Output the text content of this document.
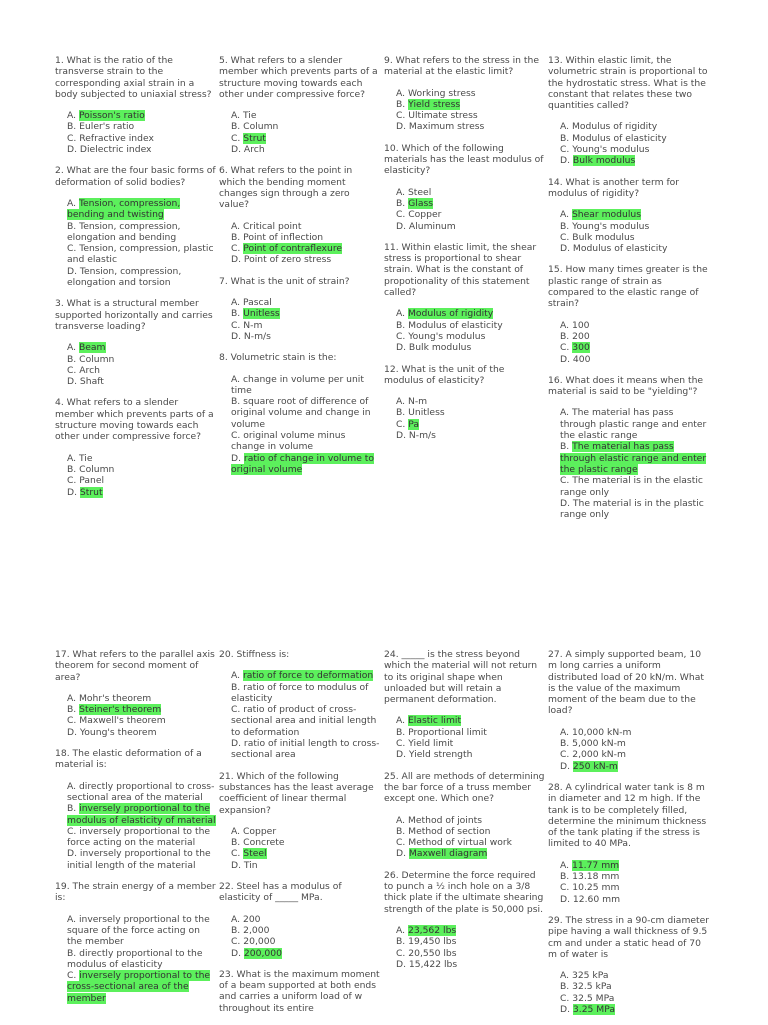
1. What is the ratio of the transverse strain to the corresponding axial strain in a body subjected to uniaxial stress?

A. Poisson's ratio
B. Euler's ratio
C. Refractive index
D. Dielectric index

2. What are the four basic forms of deformation of solid bodies?

A. Tension, compression, bending and twisting
B. Tension, compression, elongation and bending
C. Tension, compression, plastic and elastic
D. Tension, compression, elongation and torsion

3. What is a structural member supported horizontally and carries transverse loading?

A. Beam
B. Column
C. Arch
D. Shaft

4. What refers to a slender member which prevents parts of a structure moving towards each other under compressive force?

A. Tie
B. Column
C. Panel
D. Strut

5. What refers to a slender member which prevents parts of a structure moving towards each other under compressive force?

A. Tie
B. Column
C. Strut
D. Arch

6. What refers to the point in which the bending moment changes sign through a zero value?

A. Critical point
B. Point of inflection
C. Point of contraflexure
D. Point of zero stress

7. What is the unit of strain?

A. Pascal
B. Unitless
C. N-m
D. N-m/s

8. Volumetric stain is the:

A. change in volume per unit time
B. square root of difference of original volume and change in volume
C. original volume minus change in volume
D. ratio of change in volume to original volume

9. What refers to the stress in the material at the elastic limit?

A. Working stress
B. Yield stress
C. Ultimate stress
D. Maximum stress

10. Which of the following materials has the least modulus of elasticity?

A. Steel
B. Glass
C. Copper
D. Aluminum

11. Within elastic limit, the shear stress is proportional to shear strain. What is the constant of propotionality of this statement called?

A. Modulus of rigidity
B. Modulus of elasticity
C. Young's modulus
D. Bulk modulus

12. What is the unit of the modulus of elasticity?

A. N-m
B. Unitless
C. Pa
D. N-m/s

13. Within elastic limit, the volumetric strain is proportional to the hydrostatic stress. What is the constant that relates these two quantities called?

A. Modulus of rigidity
B. Modulus of elasticity
C. Young's modulus
D. Bulk modulus

14. What is another term for modulus of rigidity?

A. Shear modulus
B. Young's modulus
C. Bulk modulus
D. Modulus of elasticity

15. How many times greater is the plastic range of strain as compared to the elastic range of strain?

A. 100
B. 200
C. 300
D. 400

16. What does it means when the material is said to be "yielding"?

A. The material has pass through plastic range and enter the elastic range
B. The material has pass through elastic range and enter the plastic range
C. The material is in the elastic range only
D. The material is in the plastic range only

17. What refers to the parallel axis theorem for second moment of area?

A. Mohr's theorem
B. Steiner's theorem
C. Maxwell's theorem
D. Young's theorem

18. The elastic deformation of a material is:

A. directly proportional to cross-sectional area of the material
B. inversely proportional to the modulus of elasticity of material
C. inversely proportional to the force acting on the material
D. inversely proportional to the initial length of the material

19. The strain energy of a member is:

A. inversely proportional to the square of the force acting on the member
B. directly proportional to the modulus of elasticity
C. inversely proportional to the cross-sectional area of the member

20. Stiffness is:

A. ratio of force to deformation
B. ratio of force to modulus of elasticity
C. ratio of product of cross-sectional area and initial length to deformation
D. ratio of initial length to cross-sectional area

21. Which of the following substances has the least average coefficient of linear thermal expansion?

A. Copper
B. Concrete
C. Steel
D. Tin

22. Steel has a modulus of elasticity of _____ MPa.

A. 200
B. 2,000
C. 20,000
D. 200,000

23. What is the maximum moment of a beam supported at both ends and carries a uniform load of w throughout its entire

24. _____ is the stress beyond which the material will not return to its original shape when unloaded but will retain a permanent deformation.

A. Elastic limit
B. Proportional limit
C. Yield limit
D. Yield strength

25. All are methods of determining the bar force of a truss member except one. Which one?

A. Method of joints
B. Method of section
C. Method of virtual work
D. Maxwell diagram

26. Determine the force required to punch a ½ inch hole on a 3/8 thick plate if the ultimate shearing strength of the plate is 50,000 psi.

A. 23,562 lbs
B. 19,450 lbs
C. 20,550 lbs
D. 15,422 lbs

27. A simply supported beam, 10 m long carries a uniform distributed load of 20 kN/m. What is the value of the maximum moment of the beam due to the load?

A. 10,000 kN-m
B. 5,000 kN-m
C. 2,000 kN-m
D. 250 kN-m

28. A cylindrical water tank is 8 m in diameter and 12 m high. If the tank is to be completely filled, determine the minimum thickness of the tank plating if the stress is limited to 40 MPa.

A. 11.77 mm
B. 13.18 mm
C. 10.25 mm
D. 12.60 mm

29. The stress in a 90-cm diameter pipe having a wall thickness of 9.5 cm and under a static head of 70 m of water is

A. 325 kPa
B. 32.5 kPa
C. 32.5 MPa
D. 3.25 MPa
